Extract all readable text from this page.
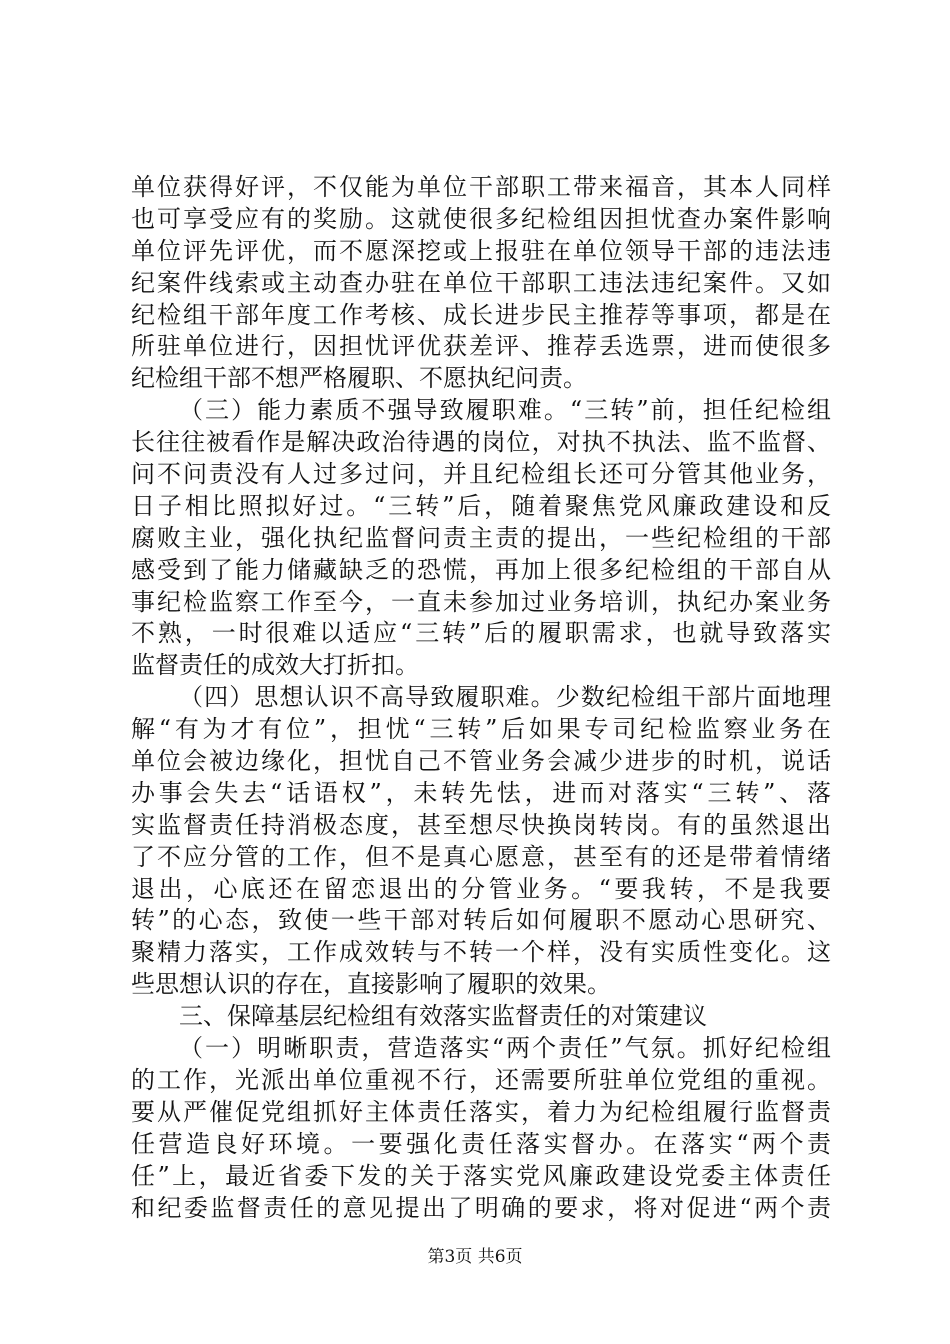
单位获得好评，不仅能为单位干部职工带来福音，其本人同样
也可享受应有的奖励。这就使很多纪检组因担忧查办案件影响
单位评先评优，而不愿深挖或上报驻在单位领导干部的违法违
纪案件线索或主动查办驻在单位干部职工违法违纪案件。又如
纪检组干部年度工作考核、成长进步民主推荐等事项，都是在
所驻单位进行，因担忧评优获差评、推荐丢选票，进而使很多
纪检组干部不想严格履职、不愿执纪问责。
（三）能力素质不强导致履职难。“三转”前，担任纪检组
长往往被看作是解决政治待遇的岗位，对执不执法、监不监督、
问不问责没有人过多过问，并且纪检组长还可分管其他业务，
日子相比照拟好过。“三转”后，随着聚焦党风廉政建设和反
腐败主业，强化执纪监督问责主责的提出，一些纪检组的干部
感受到了能力储藏缺乏的恐慌，再加上很多纪检组的干部自从
事纪检监察工作至今，一直未参加过业务培训，执纪办案业务
不熟，一时很难以适应“三转”后的履职需求，也就导致落实
监督责任的成效大打折扣。
（四）思想认识不高导致履职难。少数纪检组干部片面地理
解“有为才有位”，担忧“三转”后如果专司纪检监察业务在
单位会被边缘化，担忧自己不管业务会减少进步的时机，说话
办事会失去“话语权”，未转先怯，进而对落实“三转”、落
实监督责任持消极态度，甚至想尽快换岗转岗。有的虽然退出
了不应分管的工作，但不是真心愿意，甚至有的还是带着情绪
退出，心底还在留恋退出的分管业务。“要我转，不是我要
转”的心态，致使一些干部对转后如何履职不愿动心思研究、
聚精力落实，工作成效转与不转一个样，没有实质性变化。这
些思想认识的存在，直接影响了履职的效果。
三、保障基层纪检组有效落实监督责任的对策建议
（一）明晰职责，营造落实“两个责任”气氛。抓好纪检组
的工作，光派出单位重视不行，还需要所驻单位党组的重视。
要从严催促党组抓好主体责任落实，着力为纪检组履行监督责
任营造良好环境。一要强化责任落实督办。在落实“两个责
任”上，最近省委下发的关于落实党风廉政建设党委主体责任
和纪委监督责任的意见提出了明确的要求，将对促进“两个责
第3页 共6页
